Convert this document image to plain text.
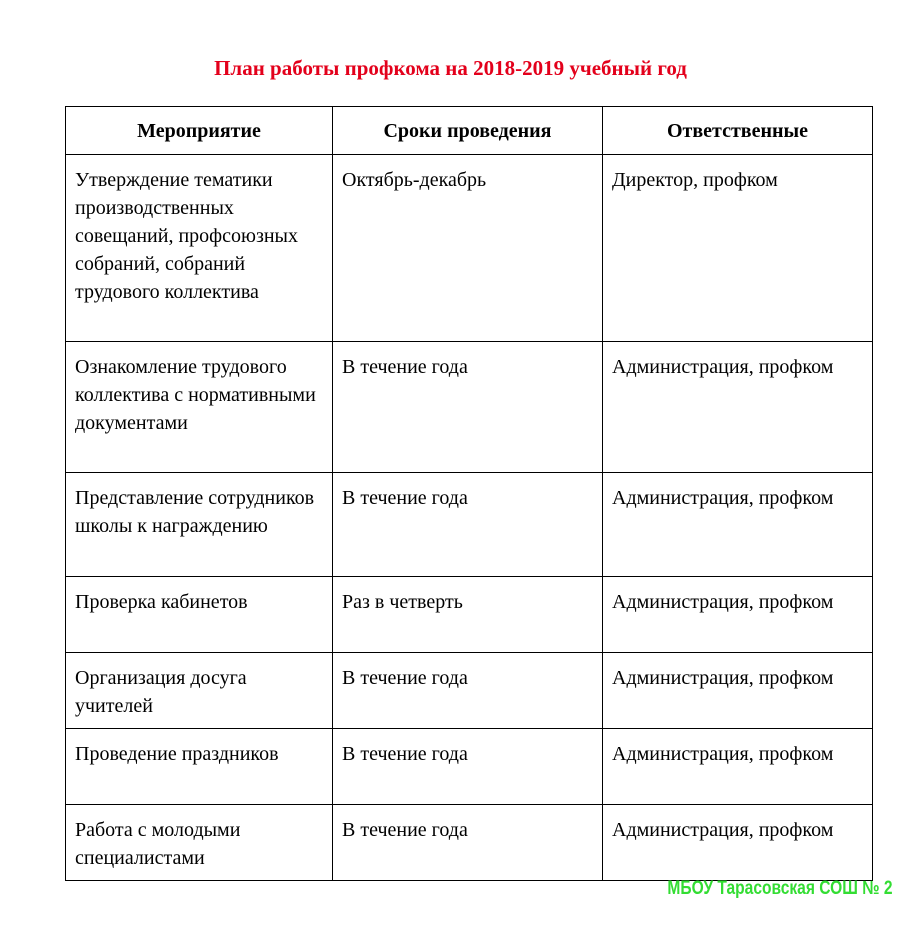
План работы профкома на 2018-2019 учебный год
Мероприятие	Сроки проведения	Ответственные
Утверждение тематики производственных совещаний, профсоюзных собраний, собраний трудового коллектива	Октябрь-декабрь	Директор, профком
Ознакомление трудового коллектива с нормативными документами	В течение года	Администрация, профком
Представление сотрудников школы к награждению	В течение года	Администрация, профком
Проверка кабинетов	Раз в четверть	Администрация, профком
Организация досуга учителей	В течение года	Администрация, профком
Проведение праздников	В течение года	Администрация, профком
Работа с молодыми специалистами	В течение года	Администрация, профком
МБОУ Тарасовская СОШ № 2
